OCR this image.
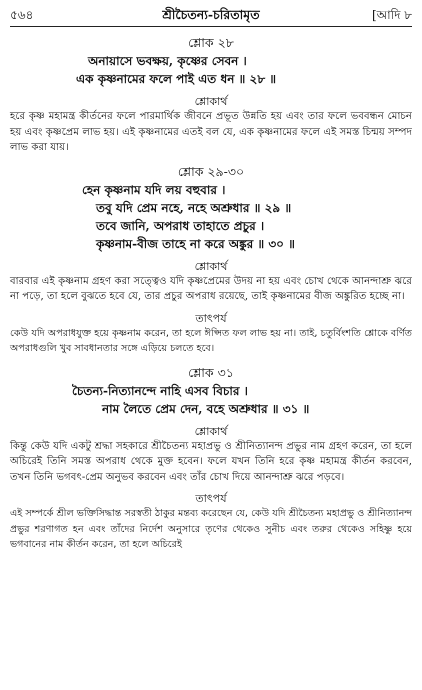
৫৬৪	শ্রীচৈতন্য-চরিতামৃত	[আদি ৮
শ্লোক ২৮
অনায়াসে ভবক্ষয়, কৃষ্ণের সেবন ।
এক কৃষ্ণনামের ফলে পাই এত ধন ॥ ২৮ ॥
শ্লোকার্থ

হরে কৃষ্ণ মহামন্ত্র কীর্তনের ফলে পারমার্থিক জীবনে প্রভূত উন্নতি হয় এবং তার ফলে ভববন্ধন মোচন হয় এবং কৃষ্ণপ্রেম লাভ হয়। এই কৃষ্ণনামের এতই বল যে, এক কৃষ্ণনামের ফলে এই সমস্ত চিন্ময় সম্পদ লাভ করা যায়।

শ্লোক ২৯-৩০
হেন কৃষ্ণনাম যদি লয় বহুবার ।
তবু যদি প্রেম নহে, নহে অশ্রুধার ॥ ২৯ ॥
তবে জানি, অপরাধ তাহাতে প্রচুর ।
কৃষ্ণনাম-বীজ তাহে না করে অঙ্কুর ॥ ৩০ ॥
শ্লোকার্থ

বারবার এই কৃষ্ণনাম গ্রহণ করা সত্ত্বেও যদি কৃষ্ণপ্রেমের উদয় না হয় এবং চোখ থেকে আনন্দাশ্রু ঝরে না পড়ে, তা হলে বুঝতে হবে যে, তার প্রচুর অপরাধ রয়েছে, তাই কৃষ্ণনামের বীজ অঙ্কুরিত হচ্ছে না।

তাৎপর্য

কেউ যদি অপরাধযুক্ত হয়ে কৃষ্ণনাম করেন, তা হলে ঈপ্সিত ফল লাভ হয় না। তাই, চতুর্বিংশতি শ্লোকে বর্ণিত অপরাধগুলি খুব সাবধানতার সঙ্গে এড়িয়ে চলতে হবে।

শ্লোক ৩১
চৈতন্য-নিত্যানন্দে নাহি এসব বিচার ।
নাম লৈতে প্রেম দেন, বহে অশ্রুধার ॥ ৩১ ॥
শ্লোকার্থ

কিন্তু কেউ যদি একটু শ্রদ্ধা সহকারে শ্রীচৈতন্য মহাপ্রভু ও শ্রীনিত্যানন্দ প্রভুর নাম গ্রহণ করেন, তা হলে অচিরেই তিনি সমস্ত অপরাধ থেকে মুক্ত হবেন। ফলে যখন তিনি হরে কৃষ্ণ মহামন্ত্র কীর্তন করবেন, তখন তিনি ভগবৎ-প্রেম অনুভব করবেন এবং তাঁর চোখ দিয়ে আনন্দাশ্রু ঝরে পড়বে।

তাৎপর্য

এই সম্পর্কে শ্রীল ভক্তিসিদ্ধান্ত সরস্বতী ঠাকুর মন্তব্য করেছেন যে, কেউ যদি শ্রীচৈতন্য মহাপ্রভু ও শ্রীনিত্যানন্দ প্রভুর শরণাগত হন এবং তাঁদের নির্দেশ অনুসারে তৃণের থেকেও সুনীচ এবং তরুর থেকেও সহিষ্ণু হয়ে ভগবানের নাম কীর্তন করেন, তা হলে অচিরেই
